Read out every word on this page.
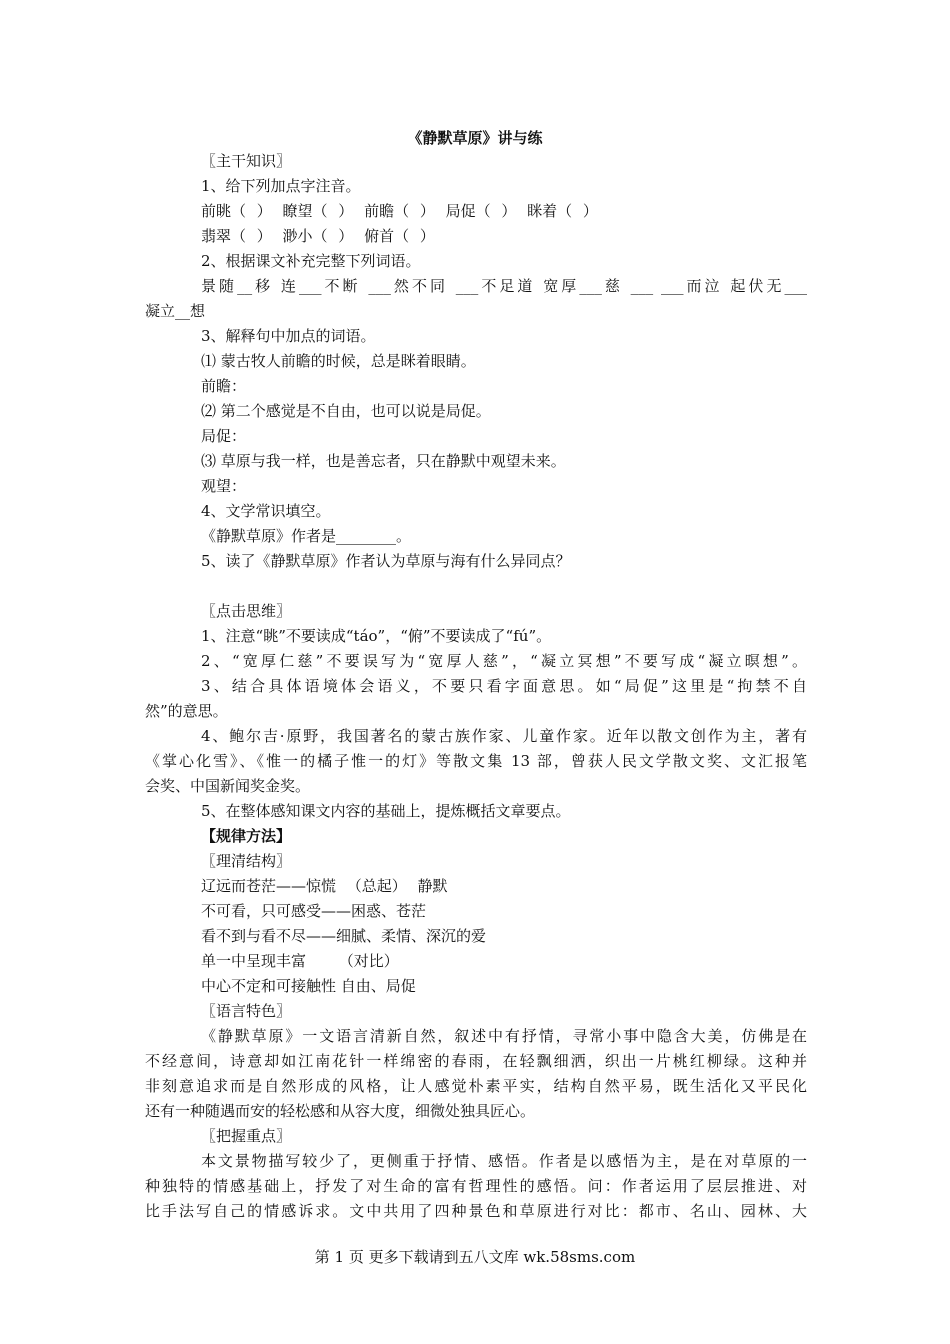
《静默草原》讲与练
〖主干知识〗
1、给下列加点字注音。
前眺（ ） 瞭望（ ） 前瞻（ ） 局促（ ） 眯着（ ）
翡翠（ ） 渺小（ ） 俯首（ ）
2、根据课文补充完整下列词语。
景随__移 连___不断 ___然不同 ___不足道 宽厚___慈 ___ ___而泣 起伏无___
凝立__想
3、解释句中加点的词语。
⑴ 蒙古牧人前瞻的时候，总是眯着眼睛。
前瞻：
⑵ 第二个感觉是不自由，也可以说是局促。
局促：
⑶ 草原与我一样，也是善忘者，只在静默中观望未来。
观望：
4、文学常识填空。
《静默草原》作者是________。
5、读了《静默草原》作者认为草原与海有什么异同点？
〖点击思维〗
1、注意“眺”不要读成“táo”，“俯”不要读成了“fú”。
2、“宽厚仁慈”不要误写为“宽厚人慈”，“凝立冥想”不要写成“凝立暝想”。
3、结合具体语境体会语义，不要只看字面意思。如“局促”这里是“拘禁不自
然”的意思。
4、鲍尔吉·原野，我国著名的蒙古族作家、儿童作家。近年以散文创作为主，著有
《掌心化雪》、《惟一的橘子惟一的灯》等散文集 13 部，曾获人民文学散文奖、文汇报笔
会奖、中国新闻奖金奖。
5、在整体感知课文内容的基础上，提炼概括文章要点。
【规律方法】
〖理清结构〗
辽远而苍茫——惊慌 （总起） 静默
不可看，只可感受——困惑、苍茫
看不到与看不尽——细腻、柔情、深沉的爱
单一中呈现丰富 （对比）
中心不定和可接触性 自由、局促
〖语言特色〗
《静默草原》一文语言清新自然，叙述中有抒情，寻常小事中隐含大美，仿佛是在
不经意间，诗意却如江南花针一样绵密的春雨，在轻飘细洒，织出一片桃红柳绿。这种并
非刻意追求而是自然形成的风格，让人感觉朴素平实，结构自然平易，既生活化又平民化
还有一种随遇而安的轻松感和从容大度，细微处独具匠心。
〖把握重点〗
本文景物描写较少了，更侧重于抒情、感悟。作者是以感悟为主，是在对草原的一
种独特的情感基础上，抒发了对生命的富有哲理性的感悟。问：作者运用了层层推进、对
比手法写自己的情感诉求。文中共用了四种景色和草原进行对比：都市、名山、园林、大
第 1 页 更多下载请到五八文库 wk.58sms.com
